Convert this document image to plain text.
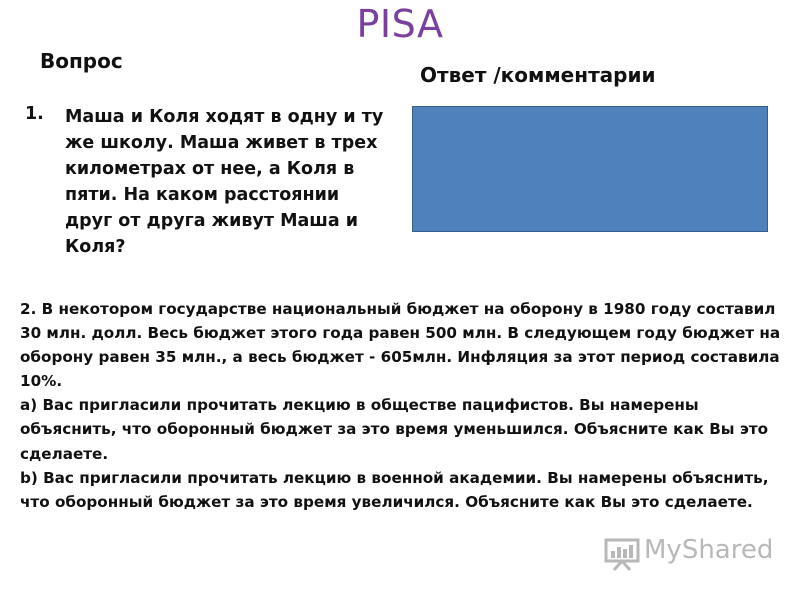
PISA
Вопрос
Ответ /комментарии
1. Маша и Коля ходят в одну и ту же школу. Маша живет в трех километрах от нее, а Коля в пяти. На каком расстоянии друг от друга живут Маша и Коля?

2. В некотором государстве национальный бюджет на оборону в 1980 году составил 30 млн. долл. Весь бюджет этого года равен 500 млн. В следующем году бюджет на оборону равен 35 млн., а весь бюджет - 605млн. Инфляция за этот период составила 10%.

а) Вас пригласили прочитать лекцию в обществе пацифистов. Вы намерены объяснить, что оборонный бюджет за это время уменьшился. Объясните как Вы это сделаете.

b) Вас пригласили прочитать лекцию в военной академии. Вы намерены объяснить, что оборонный бюджет за это время увеличился. Объясните как Вы это сделаете.

MyShared
